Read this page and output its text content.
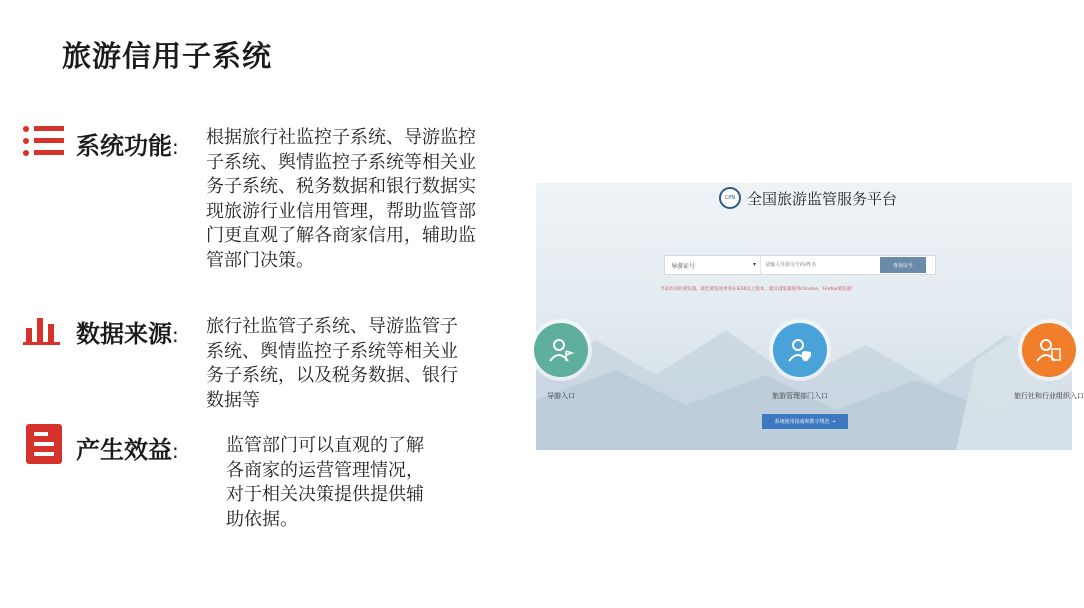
旅游信用子系统
系统功能: 根据旅行社监控子系统、导游监控
子系统、舆情监控子系统等相关业
务子系统、税务数据和银行数据实
现旅游行业信用管理，帮助监管部
门更直观了解各商家信用，辅助监
管部门决策。
数据来源: 旅行社监管子系统、导游监管子
系统、舆情监控子系统等相关业
务子系统，以及税务数据、银行
数据等
产生效益:	监管部门可以直观的了解
各商家的运营管理情况，
对于相关决策提供提供辅
助依据。
CPN 全国旅游监管服务平台
导游证号	▾
请输入导游证号码/姓名	查询证号
当前访问的浏览器，最佳浏览效果请在IE10以上版本，建议浏览器使用Chrome、Firefox浏览器！
导游入口	旅游管理部门入口	旅行社和行业组织入口
系统使用指南和数字规范 →
